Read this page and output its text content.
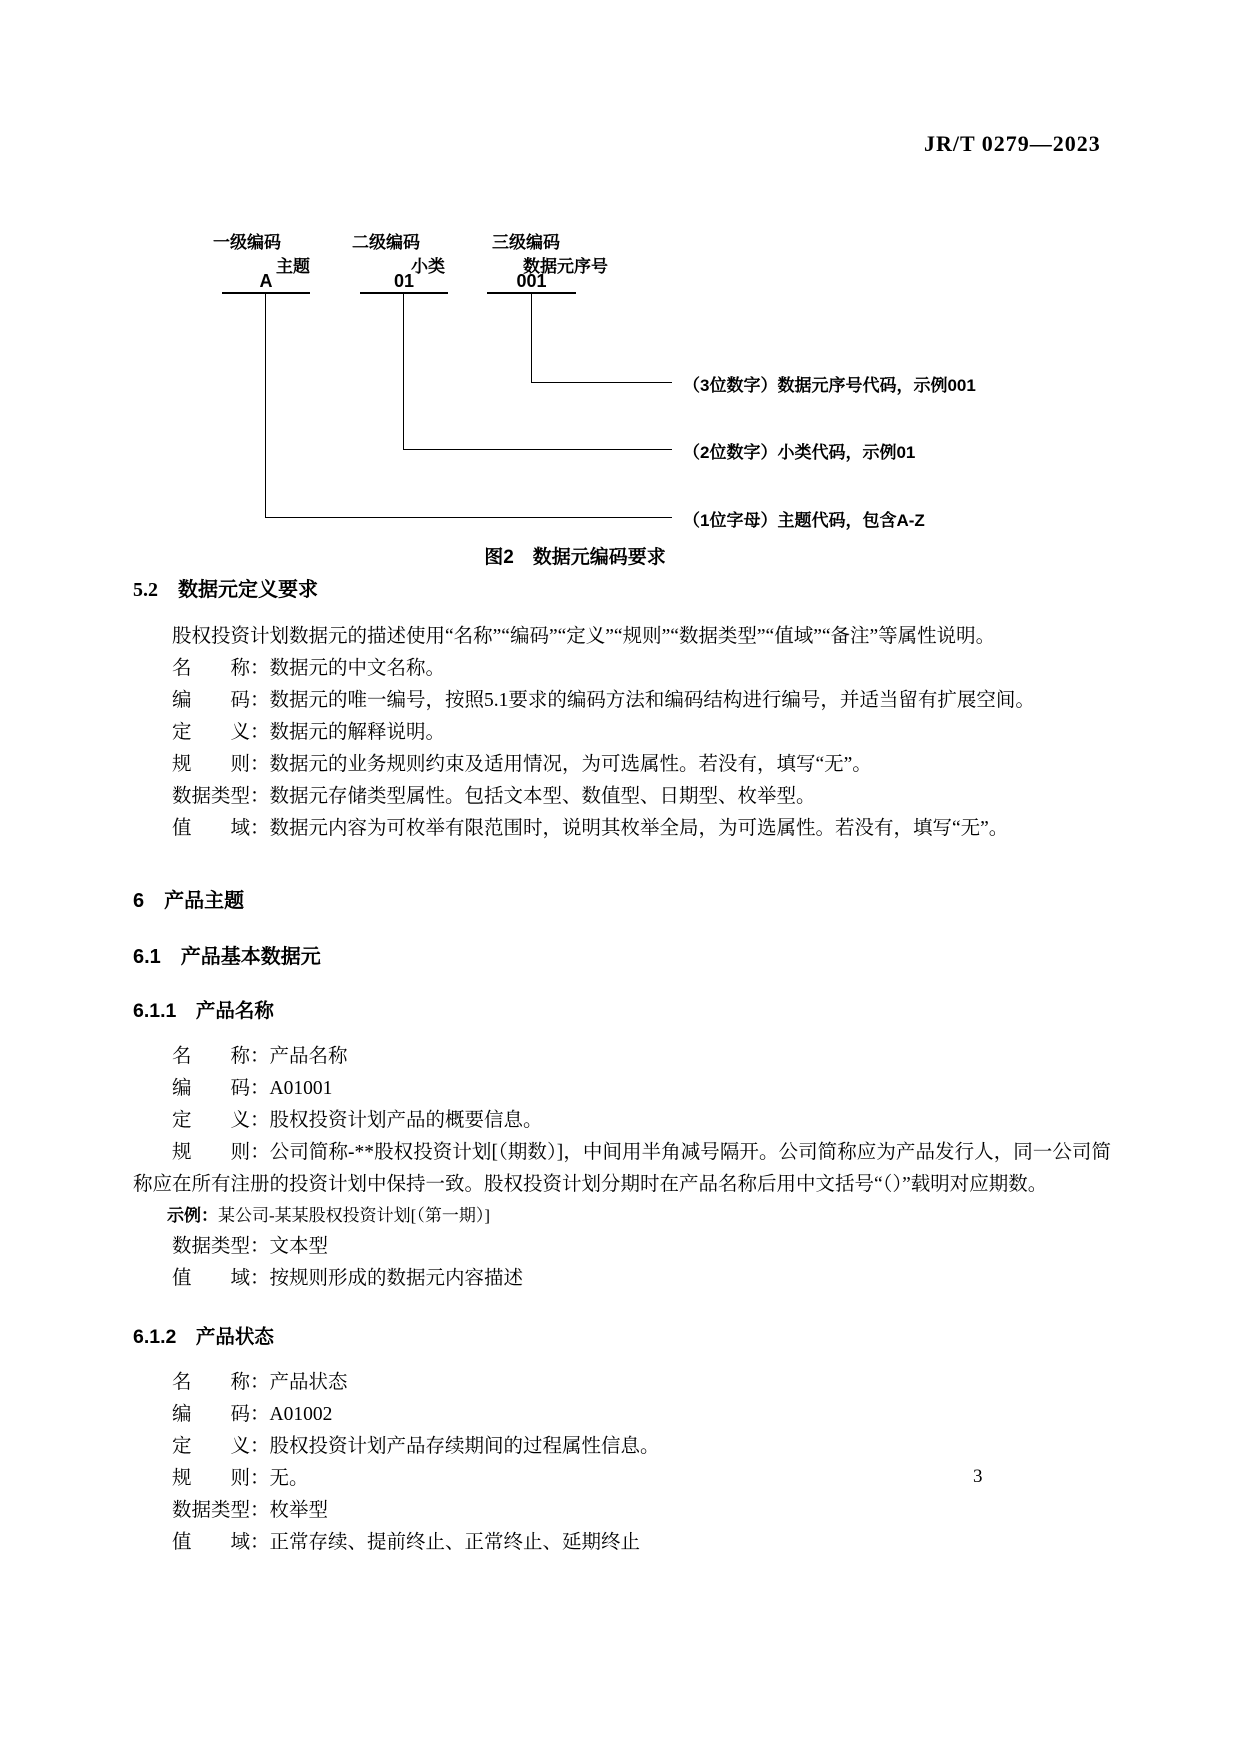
JR/T 0279—2023
一级编码	二级编码	三级编码
主题	小类	数据元序号
A	01	001
（3位数字）数据元序号代码，示例001
（2位数字）小类代码，示例01
（1位字母）主题代码，包含A-Z
图2　数据元编码要求
5.2　数据元定义要求

股权投资计划数据元的描述使用“名称”“编码”“定义”“规则”“数据类型”“值域”“备注”等属性说明。

名　　称：数据元的中文名称。

编　　码：数据元的唯一编号，按照5.1要求的编码方法和编码结构进行编号，并适当留有扩展空间。

定　　义：数据元的解释说明。

规　　则：数据元的业务规则约束及适用情况，为可选属性。若没有，填写“无”。

数据类型：数据元存储类型属性。包括文本型、数值型、日期型、枚举型。

值　　域：数据元内容为可枚举有限范围时，说明其枚举全局，为可选属性。若没有，填写“无”。

6　产品主题
6.1　产品基本数据元
6.1.1　产品名称

名　　称：产品名称

编　　码：A01001

定　　义：股权投资计划产品的概要信息。

规　　则：公司简称-**股权投资计划[（期数）]，中间用半角减号隔开。公司简称应为产品发行人，同一公司简称应在所有注册的投资计划中保持一致。股权投资计划分期时在产品名称后用中文括号“（）”载明对应期数。

示例：某公司-某某股权投资计划[（第一期）]

数据类型：文本型

值　　域：按规则形成的数据元内容描述

6.1.2　产品状态

名　　称：产品状态

编　　码：A01002

定　　义：股权投资计划产品存续期间的过程属性信息。

规　　则：无。

数据类型：枚举型

值　　域：正常存续、提前终止、正常终止、延期终止

3
